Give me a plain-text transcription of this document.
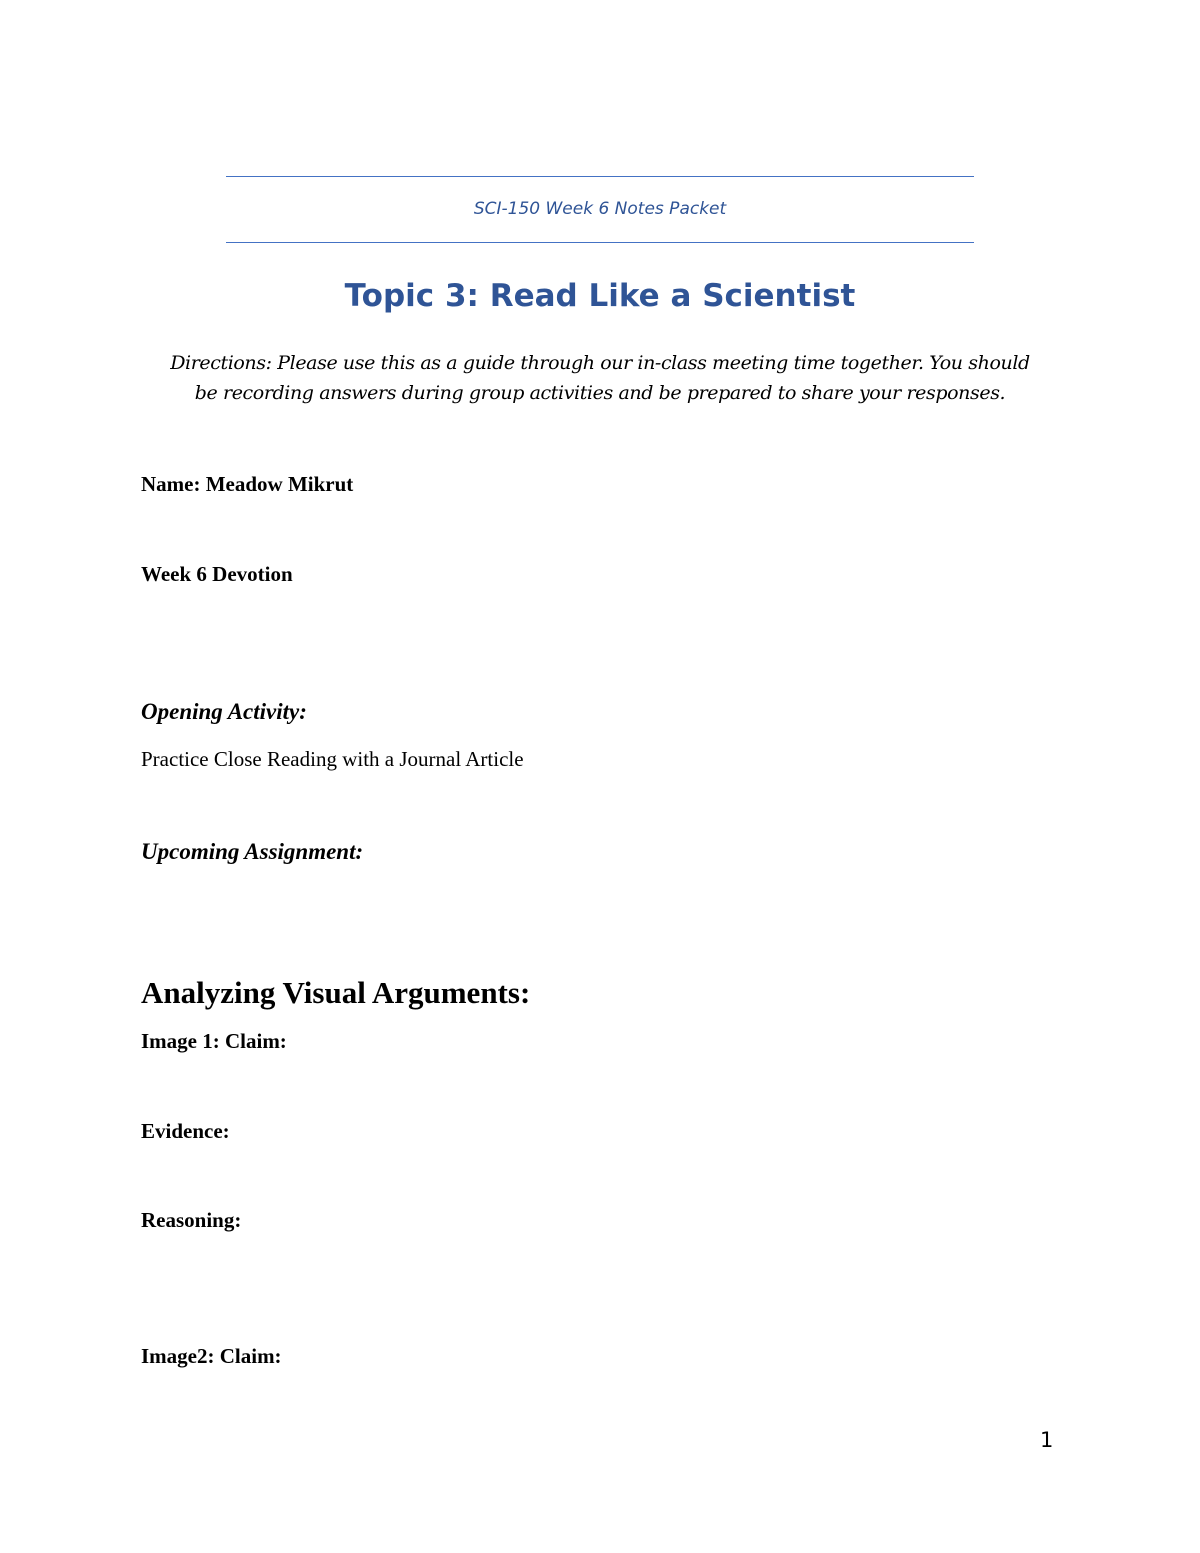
SCI-150 Week 6 Notes Packet
Topic 3: Read Like a Scientist
Directions: Please use this as a guide through our in-class meeting time together. You should
be recording answers during group activities and be prepared to share your responses.
Name: Meadow Mikrut
Week 6 Devotion
Opening Activity:
Practice Close Reading with a Journal Article
Upcoming Assignment:
Analyzing Visual Arguments:
Image 1: Claim:
Evidence:
Reasoning:
Image2: Claim:
1
